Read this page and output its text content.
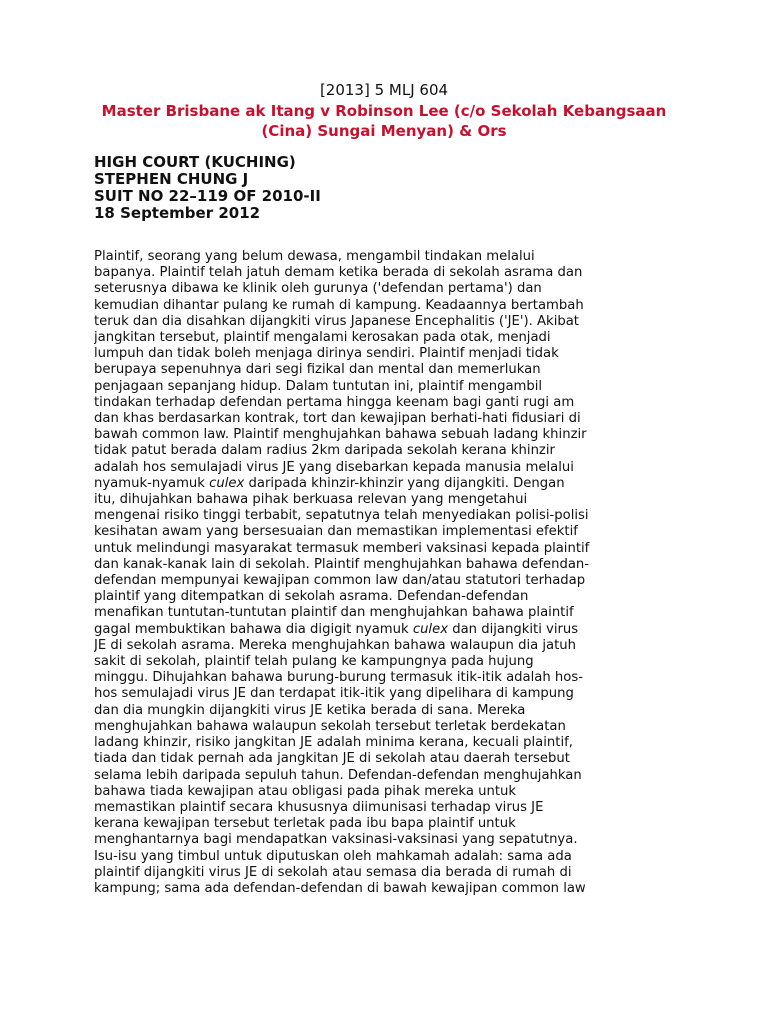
[2013] 5 MLJ 604
Master Brisbane ak Itang v Robinson Lee (c/o Sekolah Kebangsaan (Cina) Sungai Menyan) & Ors
HIGH COURT (KUCHING)
STEPHEN CHUNG J
SUIT NO 22–119 OF 2010-II
18 September 2012
Plaintif, seorang yang belum dewasa, mengambil tindakan melalui
bapanya. Plaintif telah jatuh demam ketika berada di sekolah asrama dan
seterusnya dibawa ke klinik oleh gurunya ('defendan pertama') dan
kemudian dihantar pulang ke rumah di kampung. Keadaannya bertambah
teruk dan dia disahkan dijangkiti virus Japanese Encephalitis ('JE'). Akibat
jangkitan tersebut, plaintif mengalami kerosakan pada otak, menjadi
lumpuh dan tidak boleh menjaga dirinya sendiri. Plaintif menjadi tidak
berupaya sepenuhnya dari segi fizikal dan mental dan memerlukan
penjagaan sepanjang hidup. Dalam tuntutan ini, plaintif mengambil
tindakan terhadap defendan pertama hingga keenam bagi ganti rugi am
dan khas berdasarkan kontrak, tort dan kewajipan berhati-hati fidusiari di
bawah common law. Plaintif menghujahkan bahawa sebuah ladang khinzir
tidak patut berada dalam radius 2km daripada sekolah kerana khinzir
adalah hos semulajadi virus JE yang disebarkan kepada manusia melalui
nyamuk-nyamuk culex daripada khinzir-khinzir yang dijangkiti. Dengan
itu, dihujahkan bahawa pihak berkuasa relevan yang mengetahui
mengenai risiko tinggi terbabit, sepatutnya telah menyediakan polisi-polisi
kesihatan awam yang bersesuaian dan memastikan implementasi efektif
untuk melindungi masyarakat termasuk memberi vaksinasi kepada plaintif
dan kanak-kanak lain di sekolah. Plaintif menghujahkan bahawa defendan-
defendan mempunyai kewajipan common law dan/atau statutori terhadap
plaintif yang ditempatkan di sekolah asrama. Defendan-defendan
menafikan tuntutan-tuntutan plaintif dan menghujahkan bahawa plaintif
gagal membuktikan bahawa dia digigit nyamuk culex dan dijangkiti virus
JE di sekolah asrama. Mereka menghujahkan bahawa walaupun dia jatuh
sakit di sekolah, plaintif telah pulang ke kampungnya pada hujung
minggu. Dihujahkan bahawa burung-burung termasuk itik-itik adalah hos-
hos semulajadi virus JE dan terdapat itik-itik yang dipelihara di kampung
dan dia mungkin dijangkiti virus JE ketika berada di sana. Mereka
menghujahkan bahawa walaupun sekolah tersebut terletak berdekatan
ladang khinzir, risiko jangkitan JE adalah minima kerana, kecuali plaintif,
tiada dan tidak pernah ada jangkitan JE di sekolah atau daerah tersebut
selama lebih daripada sepuluh tahun. Defendan-defendan menghujahkan
bahawa tiada kewajipan atau obligasi pada pihak mereka untuk
memastikan plaintif secara khususnya diimunisasi terhadap virus JE
kerana kewajipan tersebut terletak pada ibu bapa plaintif untuk
menghantarnya bagi mendapatkan vaksinasi-vaksinasi yang sepatutnya.
Isu-isu yang timbul untuk diputuskan oleh mahkamah adalah: sama ada
plaintif dijangkiti virus JE di sekolah atau semasa dia berada di rumah di
kampung; sama ada defendan-defendan di bawah kewajipan common law
